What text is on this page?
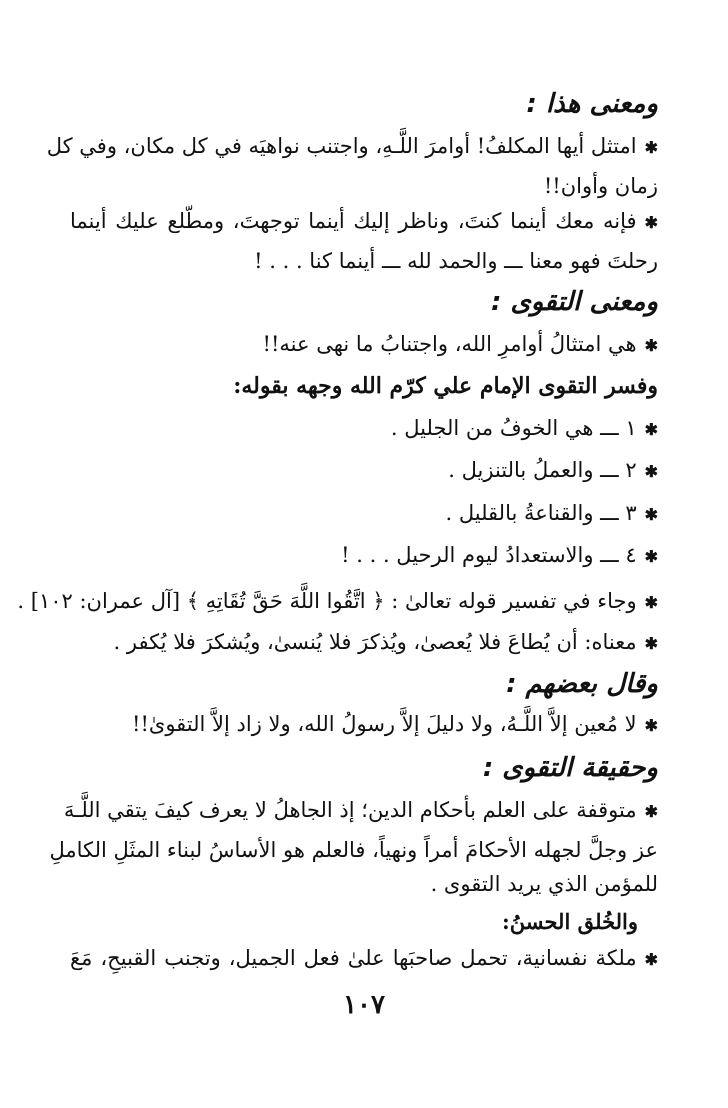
ومعنى هذا :
✱امتثل أيها المكلفُ! أوامرَ اللَّـهِ، واجتنب نواهيَه في كل مكان، وفي كل
زمان وأوان!!
✱فإنه معك أينما كنتَ، وناظر إليك أينما توجهتَ، ومطّلع عليك أينما
رحلتَ فهو معنا ـــ والحمد لله ـــ أينما كنا . . . !
ومعنى التقوى :
✱هي امتثالُ أوامرِ الله، واجتنابُ ما نهى عنه!!
وفسر التقوى الإمام علي كرّم الله وجهه بقوله:
✱١ ـــ هي الخوفُ من الجليل .
✱٢ ـــ والعملُ بالتنزيل .
✱٣ ـــ والقناعةُ بالقليل .
✱٤ ـــ والاستعدادُ ليوم الرحيل . . . !
✱وجاء في تفسير قوله تعالىٰ : ﴿ اتَّقُوا اللَّهَ حَقَّ تُقَاتِهِ ﴾ [آل عمران: ١٠٢] .
✱معناه: أن يُطاعَ فلا يُعصىٰ، ويُذكرَ فلا يُنسىٰ، ويُشكرَ فلا يُكفر .
وقال بعضهم :
✱لا مُعين إلاَّ اللَّـهُ، ولا دليلَ إلاَّ رسولُ الله، ولا زاد إلاَّ التقوىٰ!!
وحقيقة التقوى :
✱متوقفة على العلم بأحكام الدين؛ إذ الجاهلُ لا يعرف كيفَ يتقي اللَّـهَ
عز وجلَّ لجهله الأحكامَ أمراً ونهياً، فالعلم هو الأساسُ لبناء المثَلِ الكاملِ
للمؤمن الذي يريد التقوى .
والخُلق الحسنُ:
✱ملكة نفسانية، تحمل صاحبَها علىٰ فعل الجميل، وتجنب القبيحِ، مَعَ
١٠٧
